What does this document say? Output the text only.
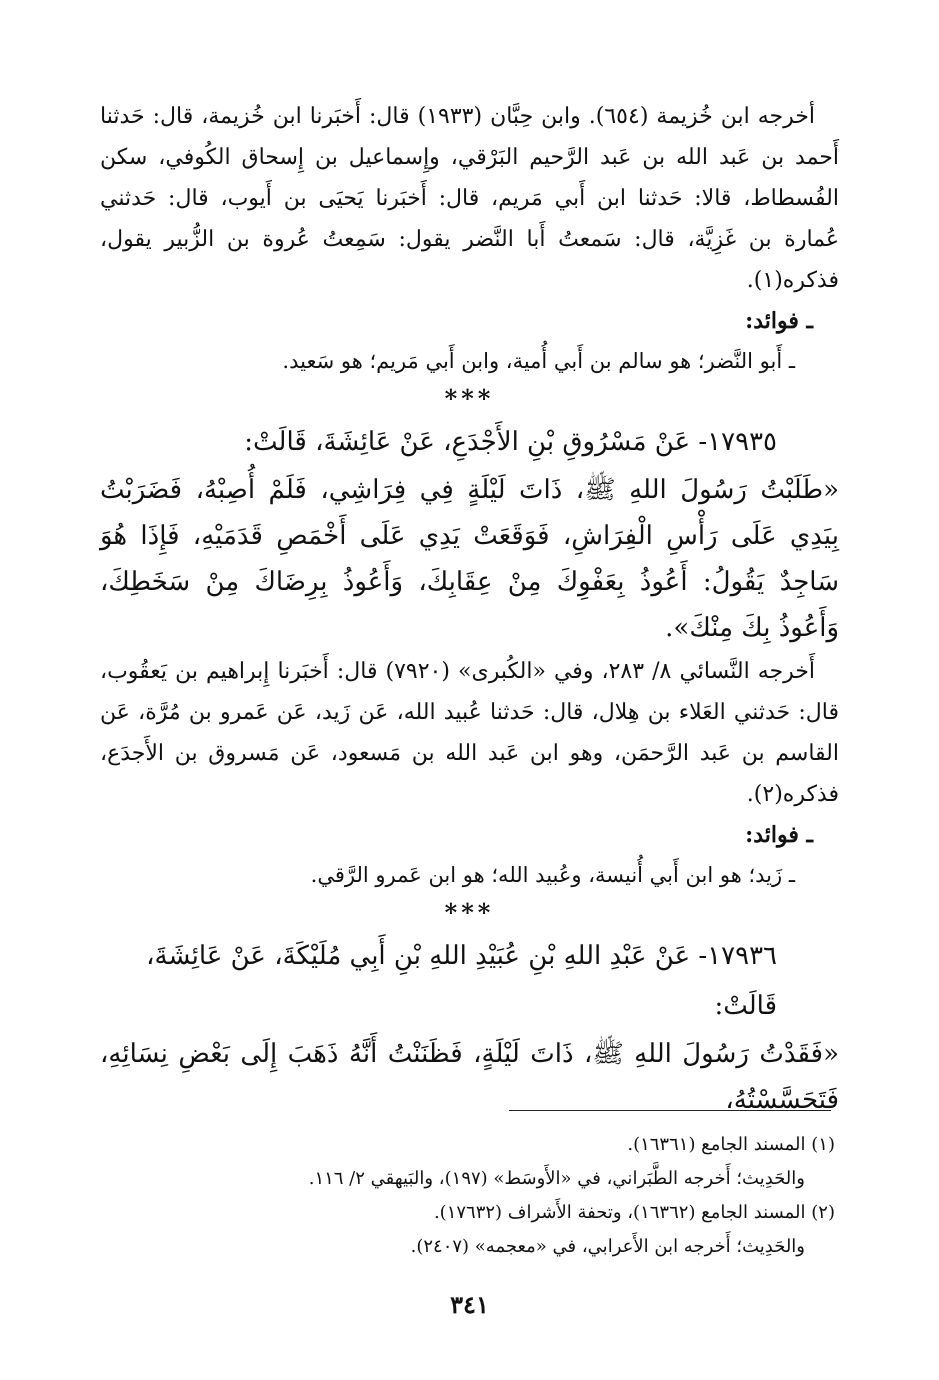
أخرجه ابن خُزيمة (٦٥٤). وابن حِبَّان (١٩٣٣) قال: أَخبَرنا ابن خُزيمة، قال: حَدثنا أَحمد بن عَبد الله بن عَبد الرَّحيم البَرْقي، وإِسماعيل بن إِسحاق الكُوفي، سكن الفُسطاط، قالا: حَدثنا ابن أَبي مَريم، قال: أَخبَرنا يَحيَى بن أَيوب، قال: حَدثني عُمارة بن غَزِيَّة، قال: سَمعتُ أَبا النَّضر يقول: سَمِعتُ عُروة بن الزُّبير يقول، فذكره(١).

ـ فوائد:

ـ أَبو النَّضر؛ هو سالم بن أَبي أُمية، وابن أَبي مَريم؛ هو سَعيد.

***

١٧٩٣٥- عَنْ مَسْرُوقِ بْنِ الأَجْدَعِ، عَنْ عَائِشَةَ، قَالَتْ:

«طَلَبْتُ رَسُولَ اللهِ ﷺ، ذَاتَ لَيْلَةٍ فِي فِرَاشِي، فَلَمْ أُصِبْهُ، فَضَرَبْتُ بِيَدِي عَلَى رَأْسِ الْفِرَاشِ، فَوَقَعَتْ يَدِي عَلَى أَخْمَصِ قَدَمَيْهِ، فَإِذَا هُوَ سَاجِدٌ يَقُولُ: أَعُوذُ بِعَفْوِكَ مِنْ عِقَابِكَ، وَأَعُوذُ بِرِضَاكَ مِنْ سَخَطِكَ، وَأَعُوذُ بِكَ مِنْكَ».

أَخرجه النَّسائي ٨/ ٢٨٣، وفي «الكُبرى» (٧٩٢٠) قال: أَخبَرنا إِبراهيم بن يَعقُوب، قال: حَدثني العَلاء بن هِلال، قال: حَدثنا عُبيد الله، عَن زَيد، عَن عَمرو بن مُرَّة، عَن القاسم بن عَبد الرَّحمَن، وهو ابن عَبد الله بن مَسعود، عَن مَسروق بن الأَجدَع، فذكره(٢).

ـ فوائد:

ـ زَيد؛ هو ابن أَبي أُنيسة، وعُبيد الله؛ هو ابن عَمرو الرَّقي.

***

١٧٩٣٦- عَنْ عَبْدِ اللهِ بْنِ عُبَيْدِ اللهِ بْنِ أَبِي مُلَيْكَةَ، عَنْ عَائِشَةَ، قَالَتْ:

«فَقَدْتُ رَسُولَ اللهِ ﷺ، ذَاتَ لَيْلَةٍ، فَظَنَنْتُ أَنَّهُ ذَهَبَ إِلَى بَعْضِ نِسَائِهِ، فَتَحَسَّسْتُهُ،

(١) المسند الجامع (١٦٣٦١).

والحَدِيث؛ أَخرجه الطَّبَراني، في «الأَوسَط» (١٩٧)، والبَيهقي ٢/ ١١٦.

(٢) المسند الجامع (١٦٣٦٢)، وتحفة الأَشراف (١٧٦٣٢).

والحَدِيث؛ أَخرجه ابن الأَعرابي، في «معجمه» (٢٤٠٧).

٣٤١
